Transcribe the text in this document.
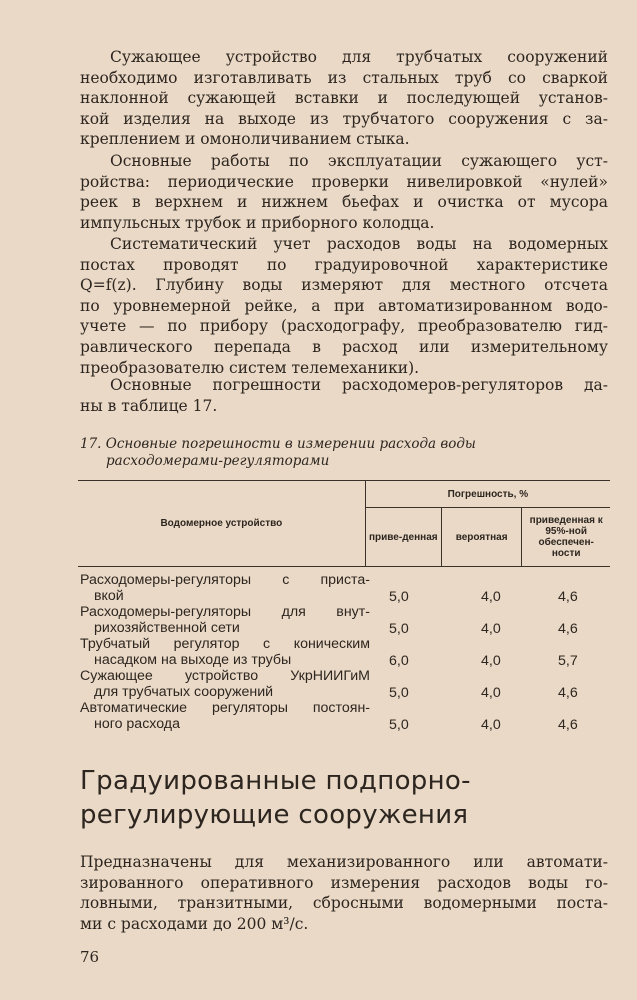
Сужающее устройство для трубчатых сооружений
необходимо изготавливать из стальных труб со сваркой
наклонной сужающей вставки и последующей установ-
кой изделия на выходе из трубчатого сооружения с за-
креплением и омоноличиванием стыка.
Основные работы по эксплуатации сужающего уст-
ройства: периодические проверки нивелировкой «нулей»
реек в верхнем и нижнем бьефах и очистка от мусора
импульсных трубок и приборного колодца.
Систематический учет расходов воды на водомерных
постах проводят по градуировочной характеристике
Q=f(z). Глубину воды измеряют для местного отсчета
по уровнемерной рейке, а при автоматизированном водо-
учете — по прибору (расходографу, преобразователю гид-
равлического перепада в расход или измерительному
преобразователю систем телемеханики).
Основные погрешности расходомеров-регуляторов да-
ны в таблице 17.
17. Основные погрешности в измерении расхода воды
расходомерами-регуляторами
Водомерное устройство	Погрешность, %		
	приве-денная	вероятная	приведенная к 95%-ной обеспечен-ности
Расходомеры-регуляторы с приста-
вкой	5,0	4,0	4,6
Расходомеры-регуляторы для внут-
рихозяйственной сети	5,0	4,0	4,6
Трубчатый регулятор с коническим
насадком на выходе из трубы	6,0	4,0	5,7
Сужающее устройство УкрНИИГиМ
для трубчатых сооружений	5,0	4,0	4,6
Автоматические регуляторы постоян-
ного расхода	5,0	4,0	4,6
Градуированные подпорно-
регулирующие сооружения
Предназначены для механизированного или автомати-
зированного оперативного измерения расходов воды го-
ловными, транзитными, сбросными водомерными поста-
ми с расходами до 200 м³/с.
76
